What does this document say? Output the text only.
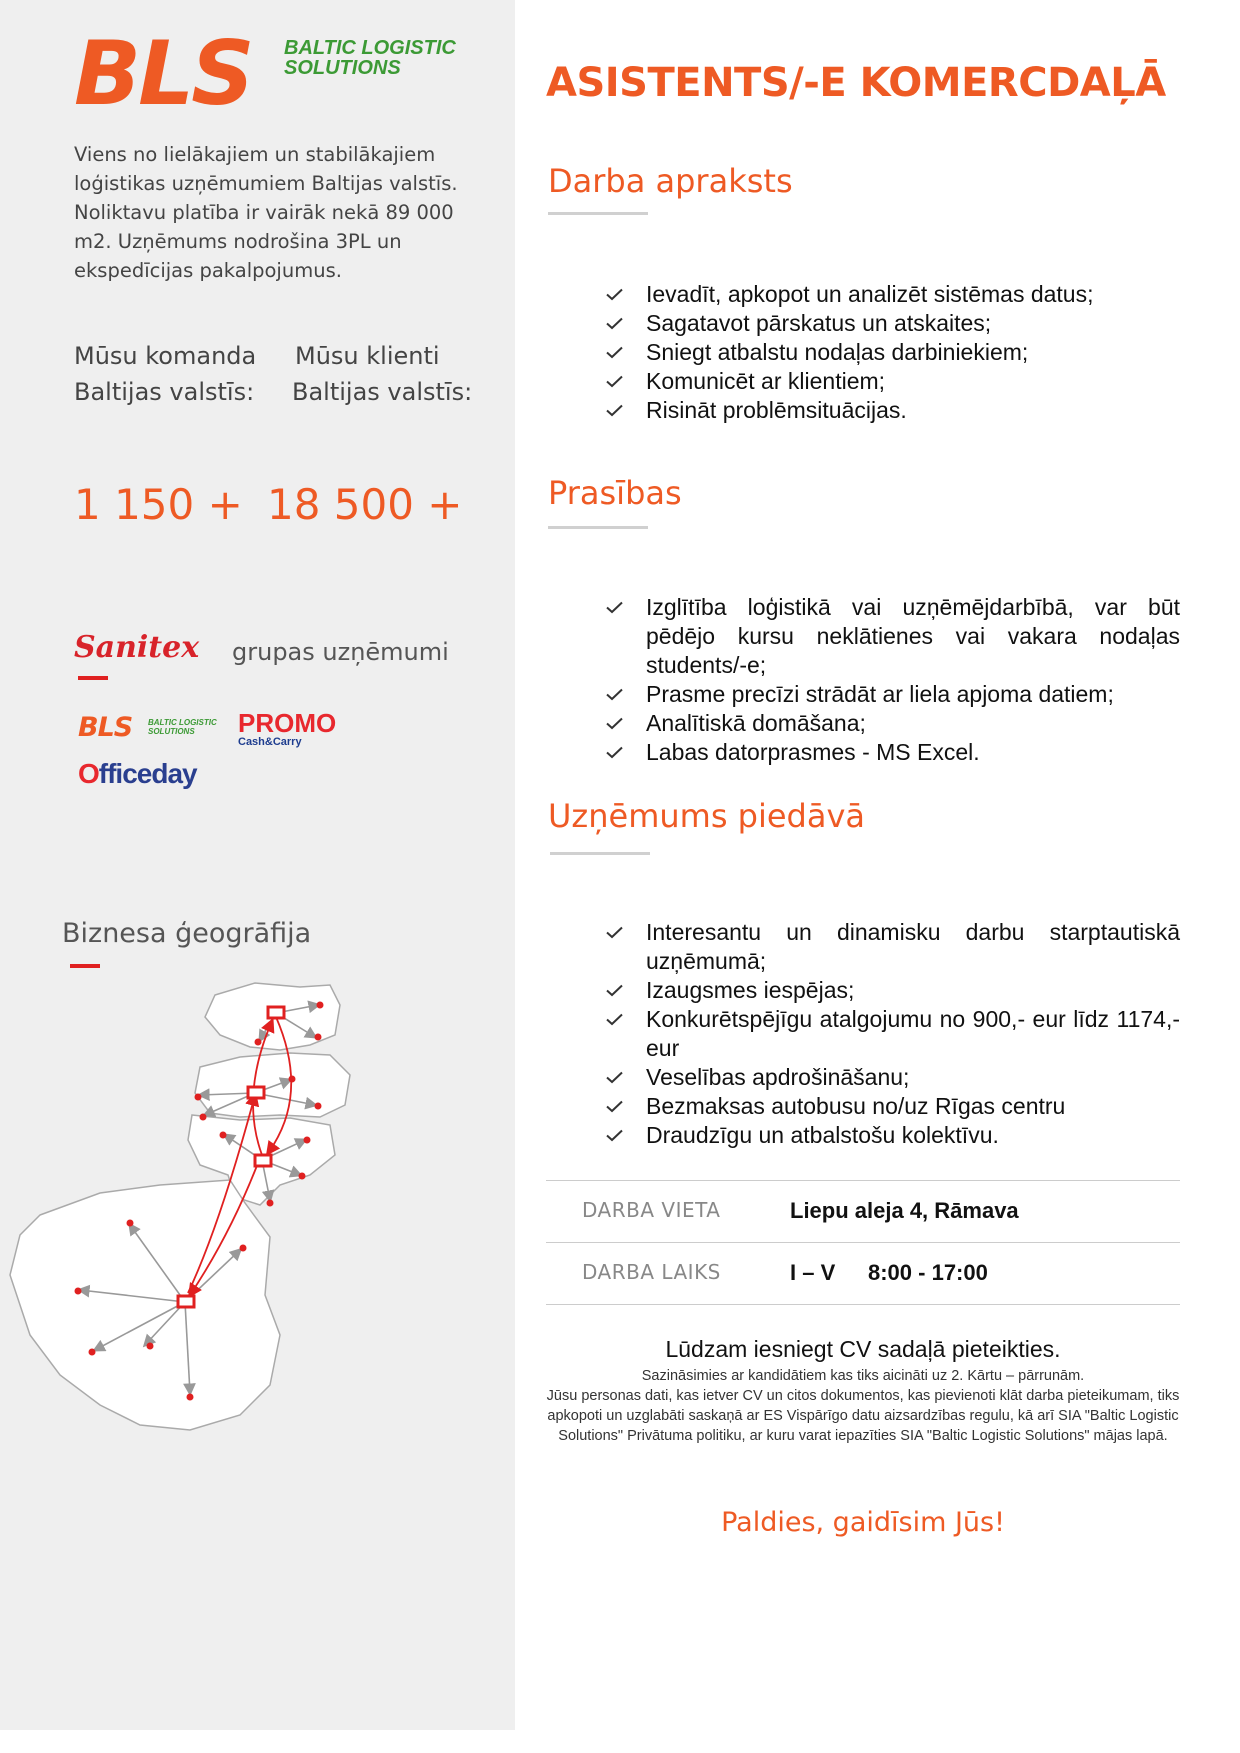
BLS BALTIC LOGISTIC
SOLUTIONS
Viens no lielākajiem un stabilākajiem loģistikas uzņēmumiem Baltijas valstīs. Noliktavu platība ir vairāk nekā 89 000 m2. Uzņēmums nodrošina 3PL un ekspedīcijas pakalpojumus.
Mūsu komanda
Baltijas valstīs:
Mūsu klienti
Baltijas valstīs:
1 150 + 18 500 +
Sanitex grupas uzņēmumi
BLS BALTIC LOGISTIC
SOLUTIONS	PROMO
Cash&Carry
Officeday
Biznesa ģeogrāfija
ASISTENTS/-E KOMERCDAĻĀ
Darba apraksts
Ievadīt, apkopot un analizēt sistēmas datus;
Sagatavot pārskatus un atskaites;
Sniegt atbalstu nodaļas darbiniekiem;
Komunicēt ar klientiem;
Risināt problēmsituācijas.
Prasības
Izglītība loģistikā vai uzņēmējdarbībā, var būt pēdējo kursu neklātienes vai vakara nodaļas students/-e;
Prasme precīzi strādāt ar liela apjoma datiem;
Analītiskā domāšana;
Labas datorprasmes - MS Excel.
Uzņēmums piedāvā
Interesantu un dinamisku darbu starptautiskā uzņēmumā;
Izaugsmes iespējas;
Konkurētspējīgu atalgojumu no 900,- eur līdz 1174,- eur
Veselības apdrošināšanu;
Bezmaksas autobusu no/uz Rīgas centru
Draudzīgu un atbalstošu kolektīvu.
DARBA VIETA	Liepu aleja 4, Rāmava
DARBA LAIKS	I – V 8:00 - 17:00
Lūdzam iesniegt CV sadaļā pieteikties.
Sazināsimies ar kandidātiem kas tiks aicināti uz 2. Kārtu – pārrunām.
Jūsu personas dati, kas ietver CV un citos dokumentos, kas pievienoti klāt darba pieteikumam, tiks apkopoti un uzglabāti saskaņā ar ES Vispārīgo datu aizsardzības regulu, kā arī SIA "Baltic Logistic Solutions" Privātuma politiku, ar kuru varat iepazīties SIA "Baltic Logistic Solutions" mājas lapā.
Paldies, gaidīsim Jūs!
